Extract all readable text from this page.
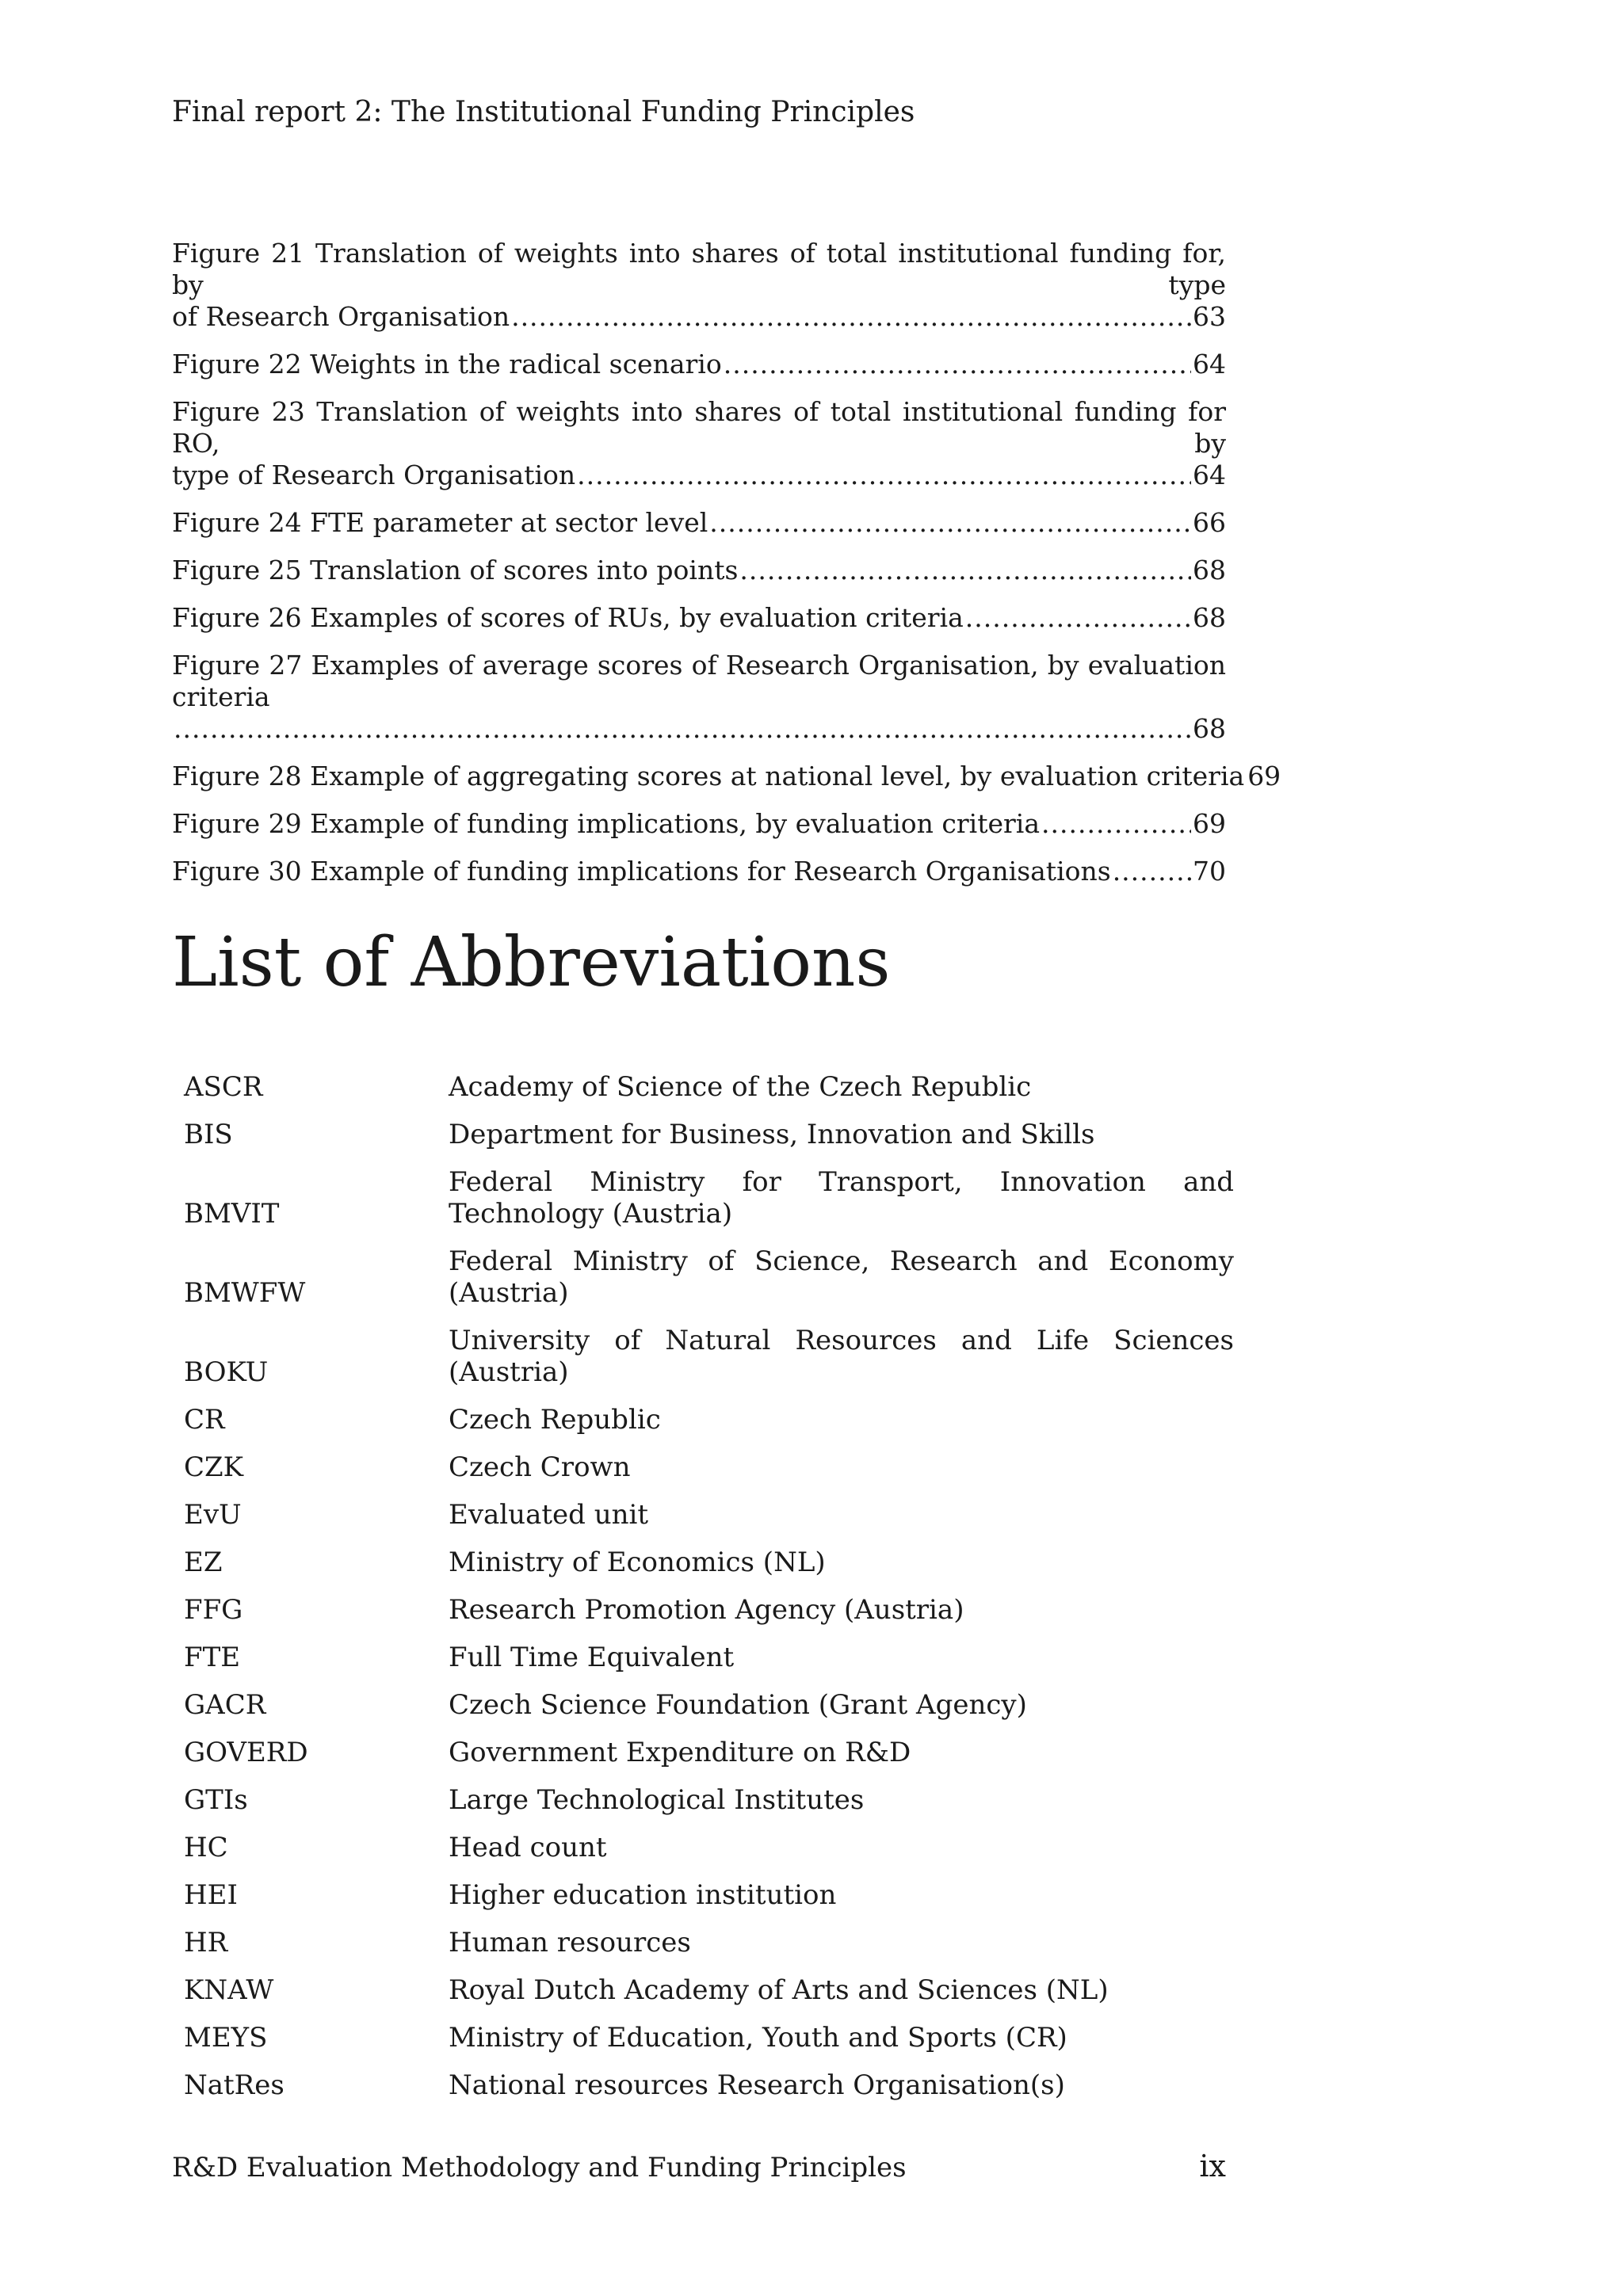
Final report 2: The Institutional Funding Principles
Figure 21 Translation of weights into shares of total institutional funding for, by type
of Research Organisation .....	63
Figure 22 Weights in the radical scenario .....	64
Figure 23 Translation of weights into shares of total institutional funding for RO, by
type of Research Organisation .....	64
Figure 24 FTE parameter at sector level .....	66
Figure 25 Translation of scores into points .....	68
Figure 26 Examples of scores of RUs, by evaluation criteria .....	68
Figure 27 Examples of average scores of Research Organisation, by evaluation criteria
.....
68
Figure 28 Example of aggregating scores at national level, by evaluation criteria 69
Figure 29 Example of funding implications, by evaluation criteria .....	69
Figure 30 Example of funding implications for Research Organisations .....	70
List of Abbreviations
ASCR	Academy of Science of the Czech Republic
BIS	Department for Business, Innovation and Skills
BMVIT	Federal Ministry for Transport, Innovation and Technology (Austria)
BMWFW	Federal Ministry of Science, Research and Economy (Austria)
BOKU	University of Natural Resources and Life Sciences (Austria)
CR	Czech Republic
CZK	Czech Crown
EvU	Evaluated unit
EZ	Ministry of Economics (NL)
FFG	Research Promotion Agency (Austria)
FTE	Full Time Equivalent
GACR	Czech Science Foundation (Grant Agency)
GOVERD	Government Expenditure on R&D
GTIs	Large Technological Institutes
HC	Head count
HEI	Higher education institution
HR	Human resources
KNAW	Royal Dutch Academy of Arts and Sciences (NL)
MEYS	Ministry of Education, Youth and Sports (CR)
NatRes	National resources Research Organisation(s)
R&D Evaluation Methodology and Funding Principles	ix
